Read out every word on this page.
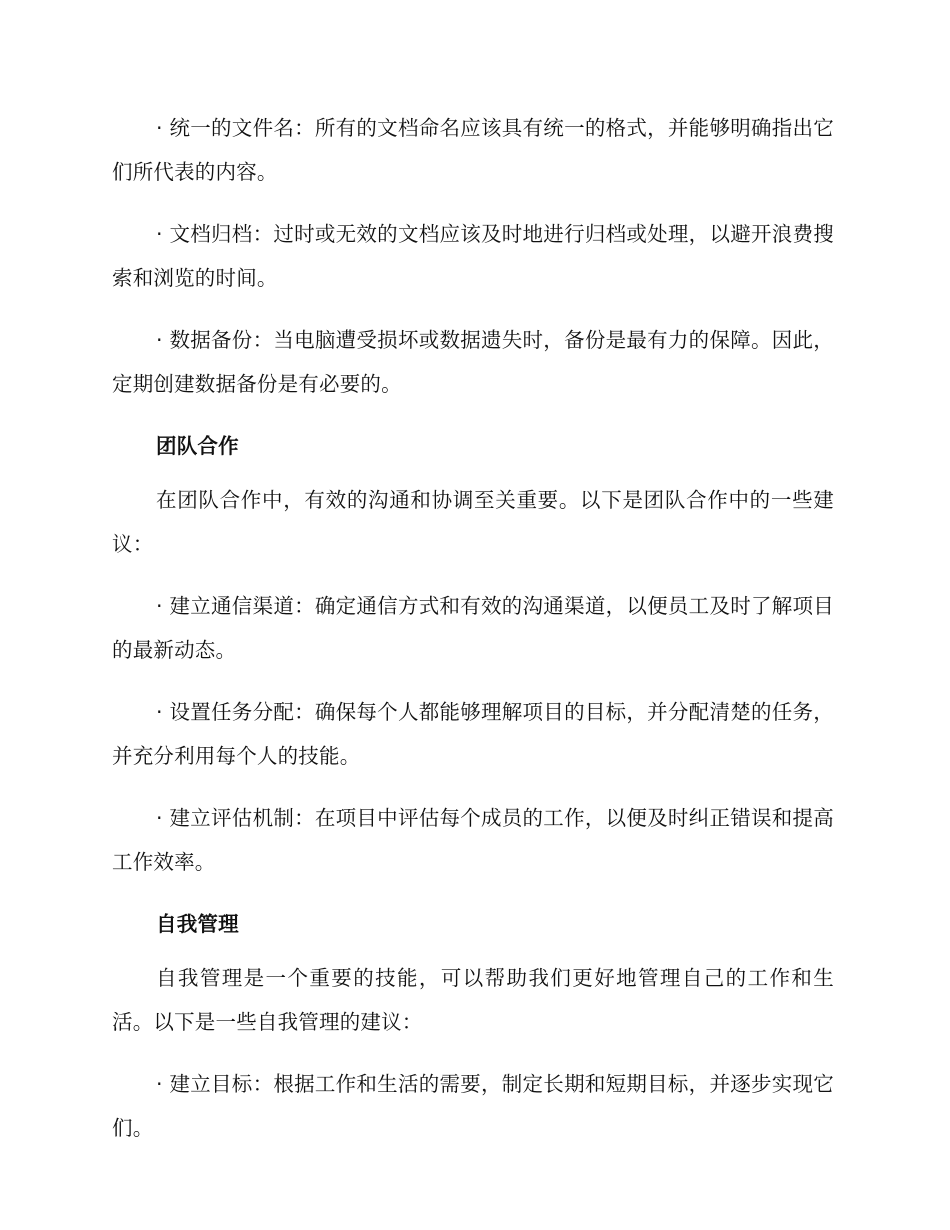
· 统一的文件名：所有的文档命名应该具有统一的格式，并能够明确指出它们所代表的内容。

· 文档归档：过时或无效的文档应该及时地进行归档或处理，以避开浪费搜索和浏览的时间。

· 数据备份：当电脑遭受损坏或数据遗失时，备份是最有力的保障。因此，定期创建数据备份是有必要的。

团队合作

在团队合作中，有效的沟通和协调至关重要。以下是团队合作中的一些建议：

· 建立通信渠道：确定通信方式和有效的沟通渠道，以便员工及时了解项目的最新动态。

· 设置任务分配：确保每个人都能够理解项目的目标，并分配清楚的任务，并充分利用每个人的技能。

· 建立评估机制：在项目中评估每个成员的工作，以便及时纠正错误和提高工作效率。

自我管理

自我管理是一个重要的技能，可以帮助我们更好地管理自己的工作和生活。以下是一些自我管理的建议：

· 建立目标：根据工作和生活的需要，制定长期和短期目标，并逐步实现它们。
